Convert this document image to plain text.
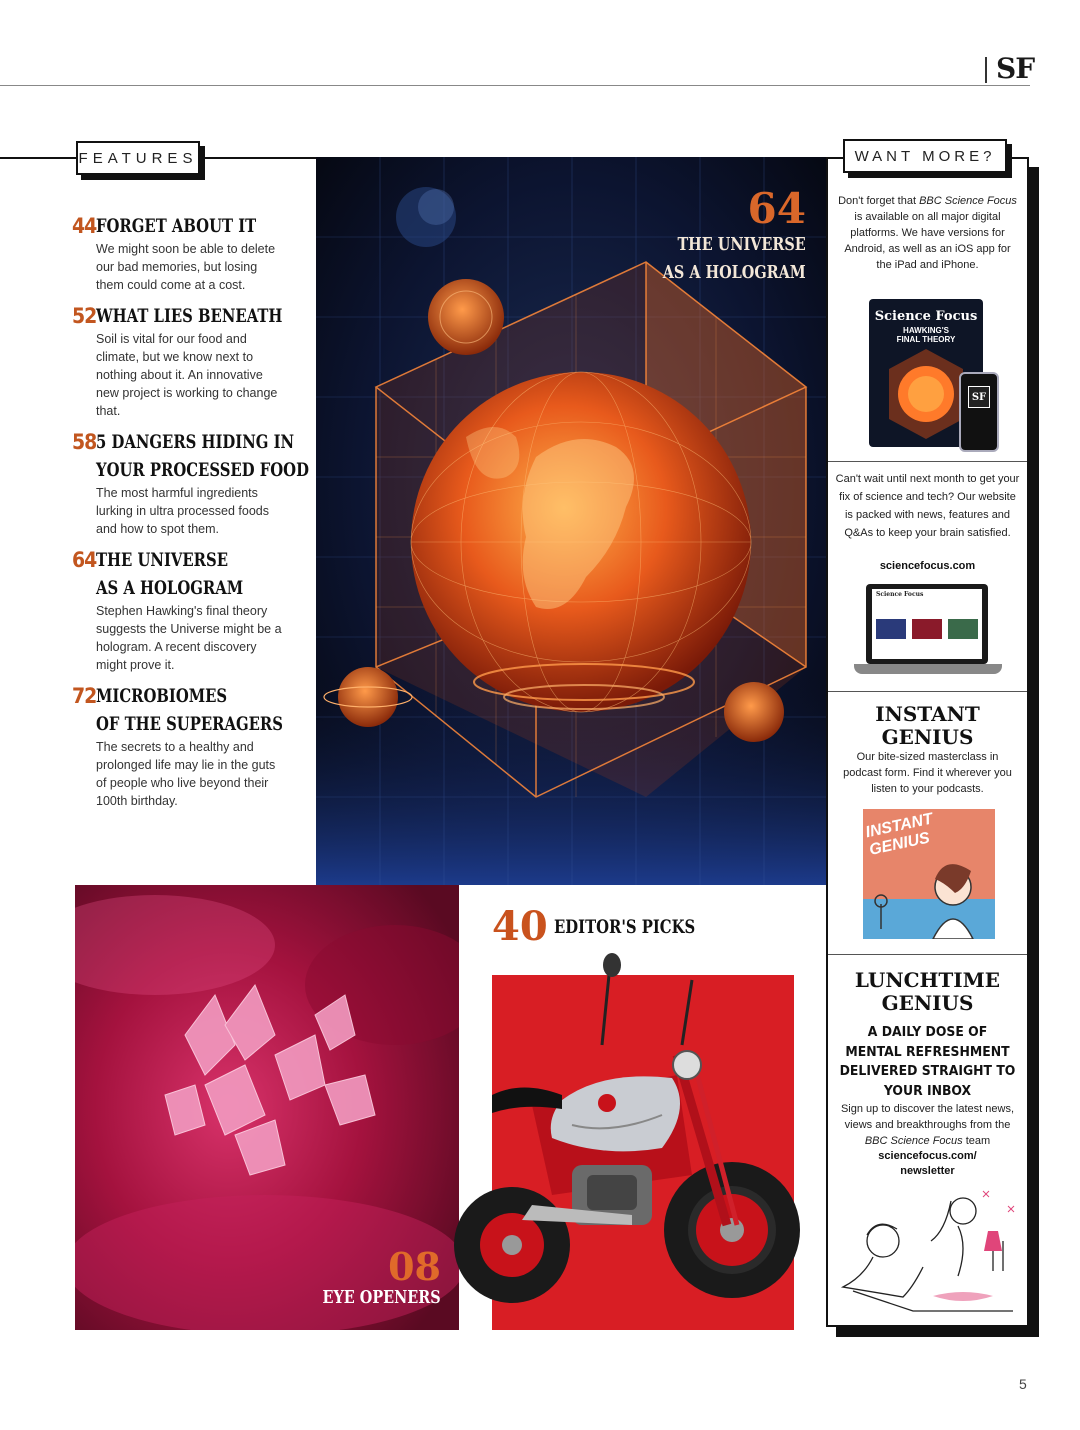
SF
FEATURES
44 FORGET ABOUT IT
We might soon be able to delete our bad memories, but losing them could come at a cost.
52 WHAT LIES BENEATH
Soil is vital for our food and climate, but we know next to nothing about it. An innovative new project is working to change that.
58 5 DANGERS HIDING IN
YOUR PROCESSED FOOD
The most harmful ingredients lurking in ultra processed foods and how to spot them.
64 THE UNIVERSE
AS A HOLOGRAM
Stephen Hawking's final theory suggests the Universe might be a hologram. A recent discovery might prove it.
72 MICROBIOMES
OF THE SUPERAGERS
The secrets to a healthy and prolonged life may lie in the guts of people who live beyond their 100th birthday.
64
THE UNIVERSE
AS A HOLOGRAM
Don't forget that BBC Science Focus is available on all major digital platforms. We have versions for Android, as well as an iOS app for the iPad and iPhone.
Science Focus
HAWKING'S FINAL THEORY
SF
Can't wait until next month to get your fix of science and tech? Our website is packed with news, features and Q&As to keep your brain satisfied.
sciencefocus.com
Science Focus
INSTANT
GENIUS
Our bite-sized masterclass in podcast form. Find it wherever you listen to your podcasts.
INSTANT GENIUS
LUNCHTIME
GENIUS
A DAILY DOSE OF MENTAL REFRESHMENT DELIVERED STRAIGHT TO YOUR INBOX
Sign up to discover the latest news, views and breakthroughs from the BBC Science Focus team
sciencefocus.com/
newsletter
WANT MORE?
08
EYE OPENERS
40 EDITOR'S PICKS
5
